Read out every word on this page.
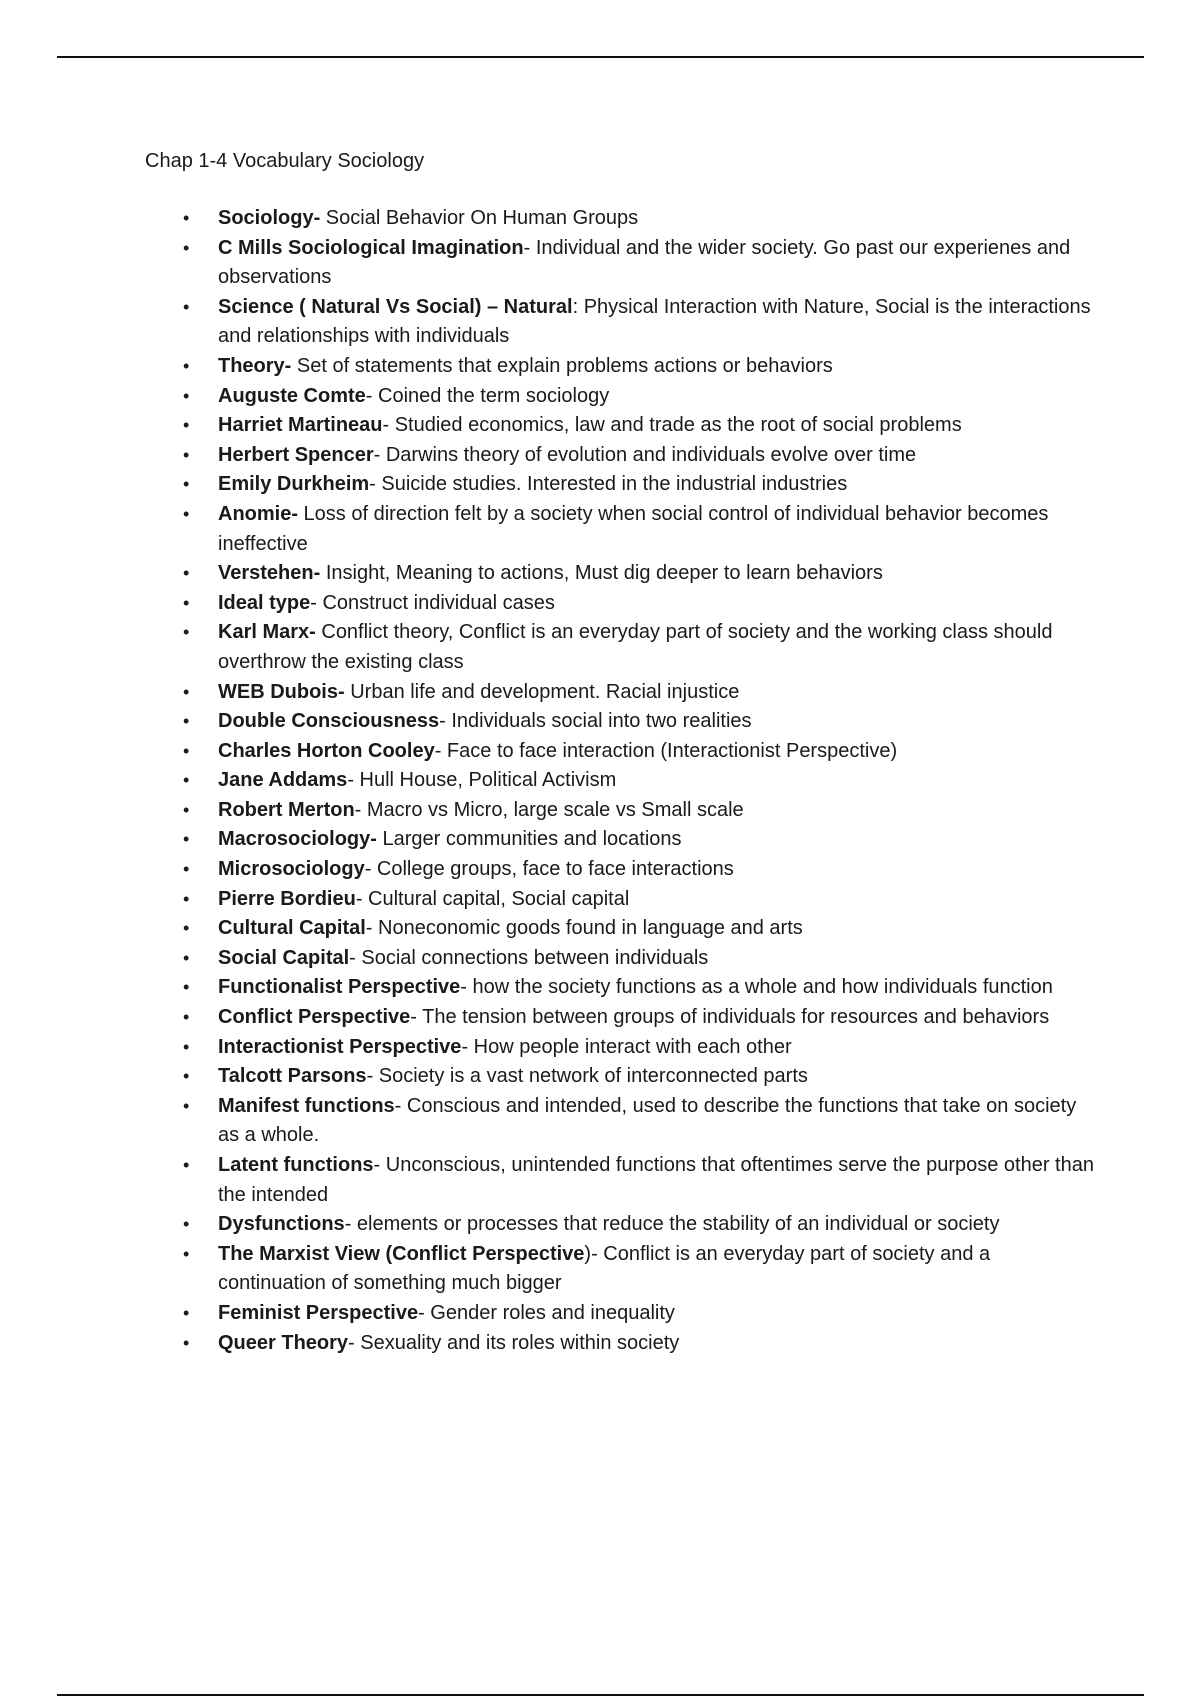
Chap 1-4 Vocabulary Sociology
• Sociology- Social Behavior On Human Groups
• C Mills Sociological Imagination- Individual and the wider society. Go past our experienes and observations
• Science ( Natural Vs Social) – Natural: Physical Interaction with Nature, Social is the interactions and relationships with individuals
• Theory- Set of statements that explain problems actions or behaviors
• Auguste Comte- Coined the term sociology
• Harriet Martineau- Studied economics, law and trade as the root of social problems
• Herbert Spencer- Darwins theory of evolution and individuals evolve over time
• Emily Durkheim- Suicide studies. Interested in the industrial industries
• Anomie- Loss of direction felt by a society when social control of individual behavior becomes ineffective
• Verstehen- Insight, Meaning to actions, Must dig deeper to learn behaviors
• Ideal type- Construct individual cases
• Karl Marx- Conflict theory, Conflict is an everyday part of society and the working class should overthrow the existing class
• WEB Dubois- Urban life and development. Racial injustice
• Double Consciousness- Individuals social into two realities
• Charles Horton Cooley- Face to face interaction (Interactionist Perspective)
• Jane Addams- Hull House, Political Activism
• Robert Merton- Macro vs Micro, large scale vs Small scale
• Macrosociology- Larger communities and locations
• Microsociology- College groups, face to face interactions
• Pierre Bordieu- Cultural capital, Social capital
• Cultural Capital- Noneconomic goods found in language and arts
• Social Capital- Social connections between individuals
• Functionalist Perspective- how the society functions as a whole and how individuals function
• Conflict Perspective- The tension between groups of individuals for resources and behaviors
• Interactionist Perspective- How people interact with each other
• Talcott Parsons- Society is a vast network of interconnected parts
• Manifest functions- Conscious and intended, used to describe the functions that take on society as a whole.
• Latent functions- Unconscious, unintended functions that oftentimes serve the purpose other than the intended
• Dysfunctions- elements or processes that reduce the stability of an individual or society
• The Marxist View (Conflict Perspective)- Conflict is an everyday part of society and a continuation of something much bigger
• Feminist Perspective- Gender roles and inequality
• Queer Theory- Sexuality and its roles within society
